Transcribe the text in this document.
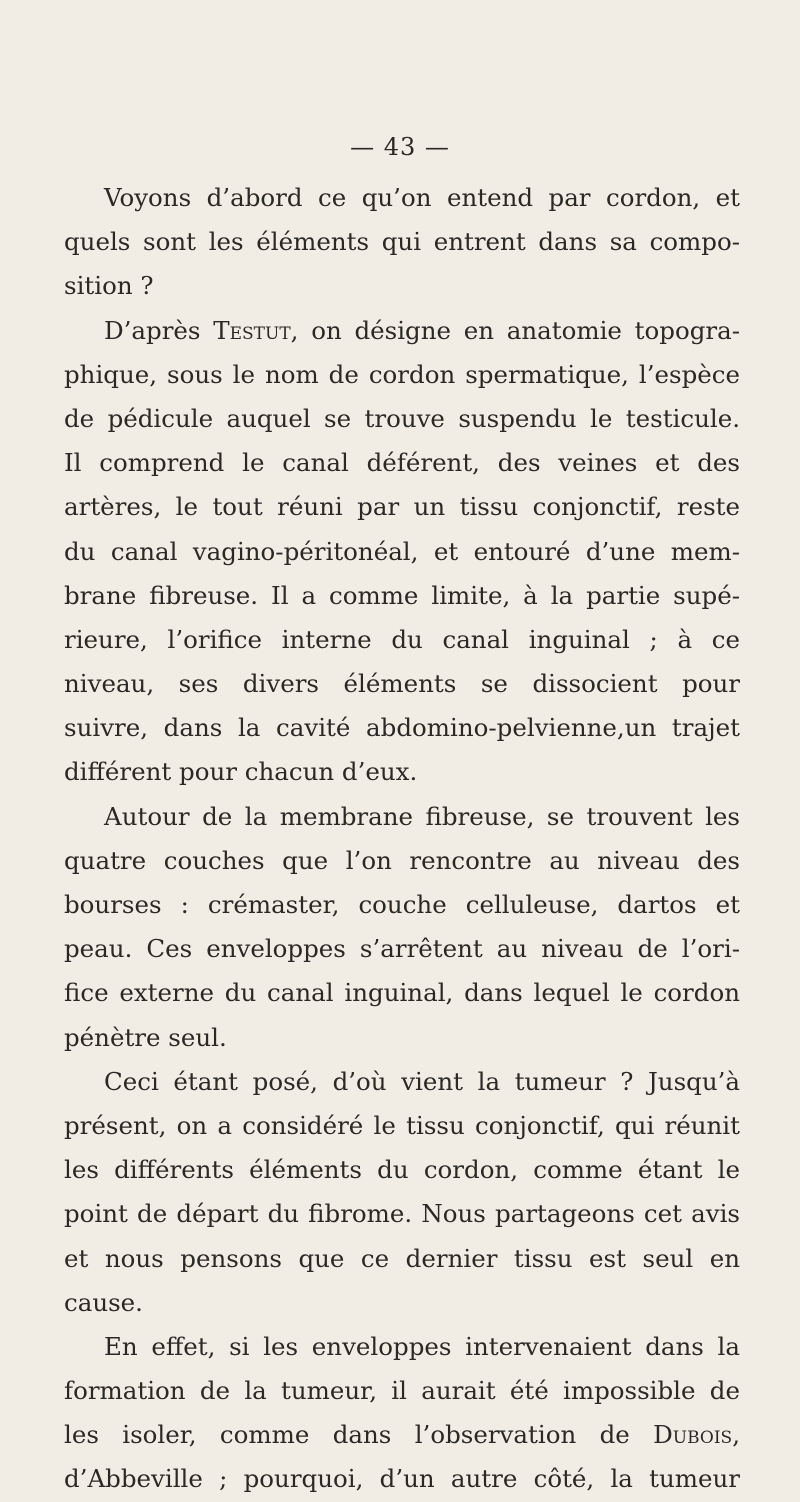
— 43 —
Voyons d’abord ce qu’on entend par cordon, et
quels sont les éléments qui entrent dans sa compo-
sition ?
D’après Testut, on désigne en anatomie topogra-
phique, sous le nom de cordon spermatique, l’espèce
de pédicule auquel se trouve suspendu le testicule.
Il comprend le canal déférent, des veines et des
artères, le tout réuni par un tissu conjonctif, reste
du canal vagino-péritonéal, et entouré d’une mem-
brane fibreuse. Il a comme limite, à la partie supé-
rieure, l’orifice interne du canal inguinal ; à ce
niveau, ses divers éléments se dissocient pour
suivre, dans la cavité abdomino-pelvienne,un trajet
différent pour chacun d’eux.
Autour de la membrane fibreuse, se trouvent les
quatre couches que l’on rencontre au niveau des
bourses : crémaster, couche celluleuse, dartos et
peau. Ces enveloppes s’arrêtent au niveau de l’ori-
fice externe du canal inguinal, dans lequel le cordon
pénètre seul.
Ceci étant posé, d’où vient la tumeur ? Jusqu’à
présent, on a considéré le tissu conjonctif, qui réunit
les différents éléments du cordon, comme étant le
point de départ du fibrome. Nous partageons cet avis
et nous pensons que ce dernier tissu est seul en
cause.
En effet, si les enveloppes intervenaient dans la
formation de la tumeur, il aurait été impossible de
les isoler, comme dans l’observation de Dubois,
d’Abbeville ; pourquoi, d’un autre côté, la tumeur
